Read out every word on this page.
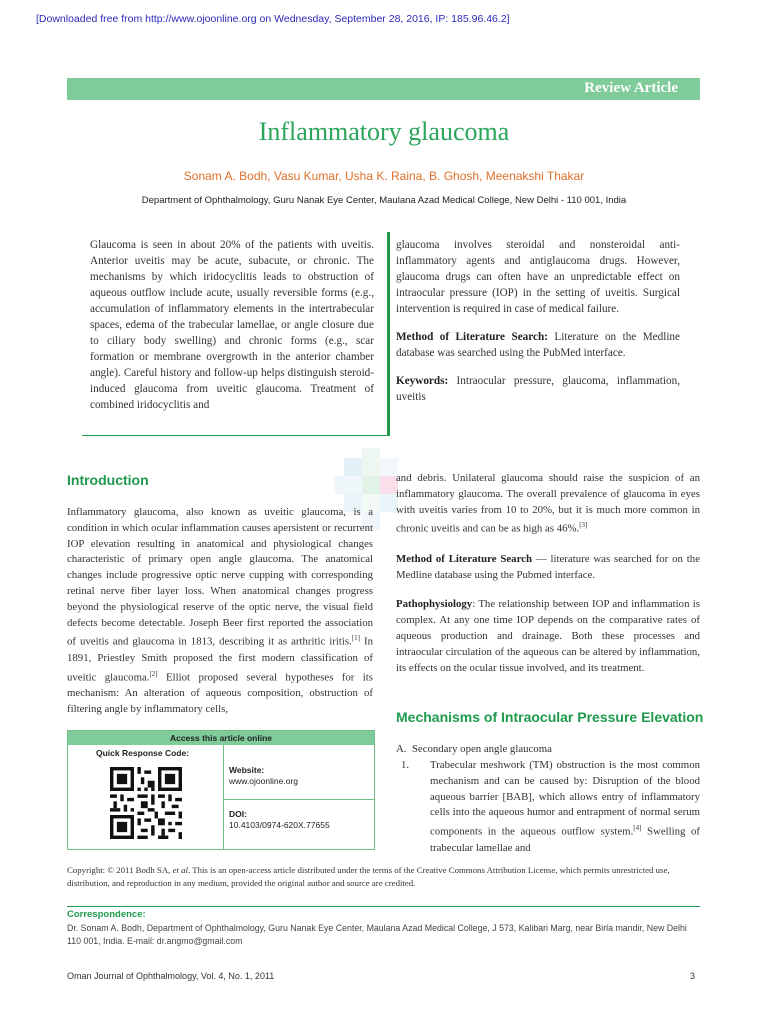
[Downloaded free from http://www.ojoonline.org on Wednesday, September 28, 2016, IP: 185.96.46.2]
Review Article
Inflammatory glaucoma
Sonam A. Bodh, Vasu Kumar, Usha K. Raina, B. Ghosh, Meenakshi Thakar
Department of Ophthalmology, Guru Nanak Eye Center, Maulana Azad Medical College, New Delhi - 110 001, India
Glaucoma is seen in about 20% of the patients with uveitis. Anterior uveitis may be acute, subacute, or chronic. The mechanisms by which iridocyclitis leads to obstruction of aqueous outflow include acute, usually reversible forms (e.g., accumulation of inflammatory elements in the intertrabecular spaces, edema of the trabecular lamellae, or angle closure due to ciliary body swelling) and chronic forms (e.g., scar formation or membrane overgrowth in the anterior chamber angle). Careful history and follow-up helps distinguish steroid-induced glaucoma from uveitic glaucoma. Treatment of combined iridocyclitis and

glaucoma involves steroidal and nonsteroidal anti-inflammatory agents and antiglaucoma drugs. However, glaucoma drugs can often have an unpredictable effect on intraocular pressure (IOP) in the setting of uveitis. Surgical intervention is required in case of medical failure.

Method of Literature Search: Literature on the Medline database was searched using the PubMed interface.

Keywords: Intraocular pressure, glaucoma, inflammation, uveitis

Introduction
Inflammatory glaucoma, also known as uveitic glaucoma, is a condition in which ocular inflammation causes apersistent or recurrent IOP elevation resulting in anatomical and physiological changes characteristic of primary open angle glaucoma. The anatomical changes include progressive optic nerve cupping with corresponding retinal nerve fiber layer loss. When anatomical changes progress beyond the physiological reserve of the optic nerve, the visual field defects become detectable. Joseph Beer first reported the association of uveitis and glaucoma in 1813, describing it as arthritic iritis.[1] In 1891, Priestley Smith proposed the first modern classification of uveitic glaucoma.[2] Elliot proposed several hypotheses for its mechanism: An alteration of aqueous composition, obstruction of filtering angle by inflammatory cells,

and debris. Unilateral glaucoma should raise the suspicion of an inflammatory glaucoma. The overall prevalence of glaucoma in eyes with uveitis varies from 10 to 20%, but it is much more common in chronic uveitis and can be as high as 46%.[3]

Method of Literature Search — literature was searched for on the Medline database using the Pubmed interface.

Pathophysiology: The relationship between IOP and inflammation is complex. At any one time IOP depends on the comparative rates of aqueous production and drainage. Both these processes and intraocular circulation of the aqueous can be altered by inflammation, its effects on the ocular tissue involved, and its treatment.

Mechanisms of Intraocular Pressure Elevation
A. Secondary open angle glaucoma
1. Trabecular meshwork (TM) obstruction is the most common mechanism and can be caused by: Disruption of the blood aqueous barrier [BAB], which allows entry of inflammatory cells into the aqueous humor and entrapment of normal serum components in the aqueous outflow system.[4] Swelling of trabecular lamellae and
Access this article online
Quick Response Code:
Website:
www.ojoonline.org
DOI:
10.4103/0974-620X.77655
Copyright: © 2011 Bodh SA, et al. This is an open-access article distributed under the terms of the Creative Commons Attribution License, which permits unrestricted use, distribution, and reproduction in any medium, provided the original author and source are credited.
Correspondence:
Dr. Sonam A. Bodh, Department of Ophthalmology, Guru Nanak Eye Center, Maulana Azad Medical College, J 573, Kalibari Marg, near Birla mandir, New Delhi 110 001, India. E-mail: dr.angmo@gmail.com
Oman Journal of Ophthalmology, Vol. 4, No. 1, 2011	3
